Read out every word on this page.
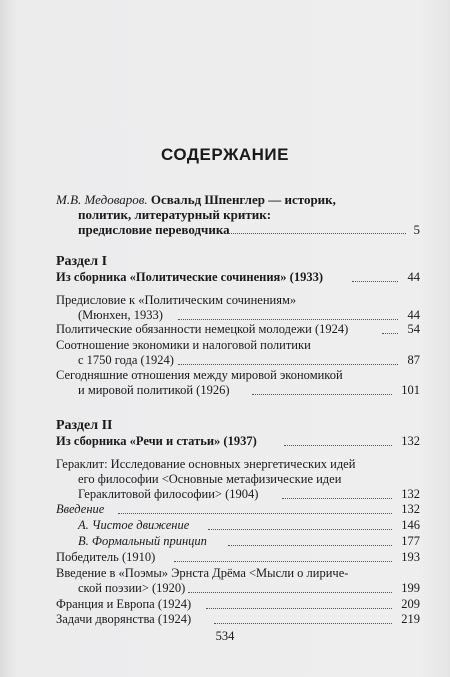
СОДЕРЖАНИЕ
М.В. Медоваров. Освальд Шпенглер — историк,
политик, литературный критик:
предисловие переводчика	5
Раздел I
Из сборника «Политические сочинения» (1933)	44
Предисловие к «Политическим сочинениям»
(Мюнхен, 1933)	44
Политические обязанности немецкой молодежи (1924)	54
Соотношение экономики и налоговой политики
с 1750 года (1924)	87
Сегодняшние отношения между мировой экономикой
и мировой политикой (1926)	101
Раздел II
Из сборника «Речи и статьи» (1937)	132
Гераклит: Исследование основных энергетических идей
его философии <Основные метафизические идеи
Гераклитовой философии> (1904)	132
Введение	132
А. Чистое движение	146
В. Формальный принцип	177
Победитель (1910)	193
Введение в «Поэмы» Эрнста Дрёма <Мысли о лириче-
ской поэзии> (1920)	199
Франция и Европа (1924)	209
Задачи дворянства (1924)	219
534
